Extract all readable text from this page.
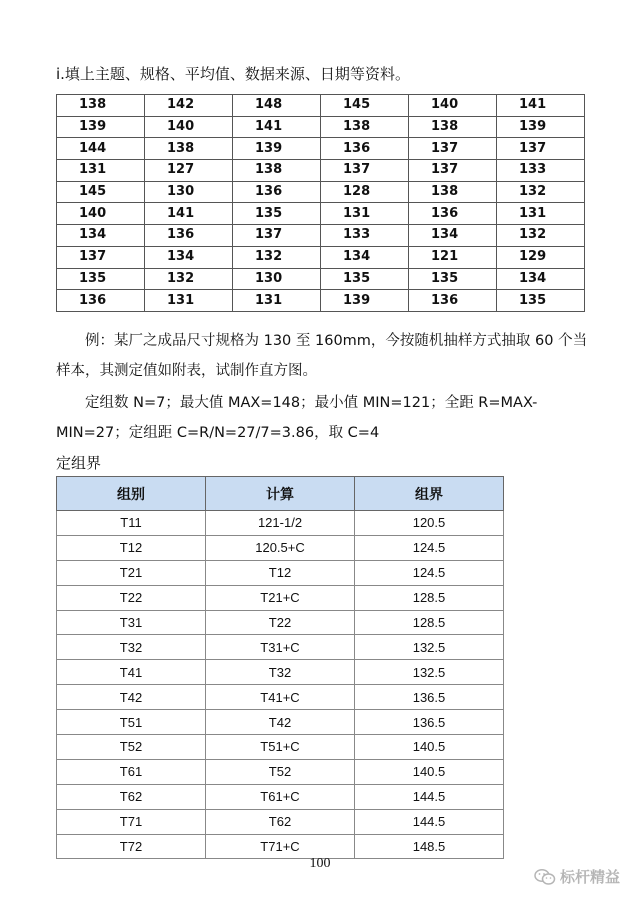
i.填上主题、规格、平均值、数据来源、日期等资料。
138	142	148	145	140	141
139	140	141	138	138	139
144	138	139	136	137	137
131	127	138	137	137	133
145	130	136	128	138	132
140	141	135	131	136	131
134	136	137	133	134	132
137	134	132	134	121	129
135	132	130	135	135	134
136	131	131	139	136	135

例：某厂之成品尺寸规格为 130 至 160mm，今按随机抽样方式抽取 60 个当样本，其测定值如附表，试制作直方图。

定组数 N=7；最大值 MAX=148；最小值 MIN=121；全距 R=MAX-MIN=27；定组距 C=R/N=27/7=3.86，取 C=4

定组界
组别	计算	组界
T11	121-1/2	120.5
T12	120.5+C	124.5
T21	T12	124.5
T22	T21+C	128.5
T31	T22	128.5
T32	T31+C	132.5
T41	T32	132.5
T42	T41+C	136.5
T51	T42	136.5
T52	T51+C	140.5
T61	T52	140.5
T62	T61+C	144.5
T71	T62	144.5
T72	T71+C	148.5
100
标杆精益
